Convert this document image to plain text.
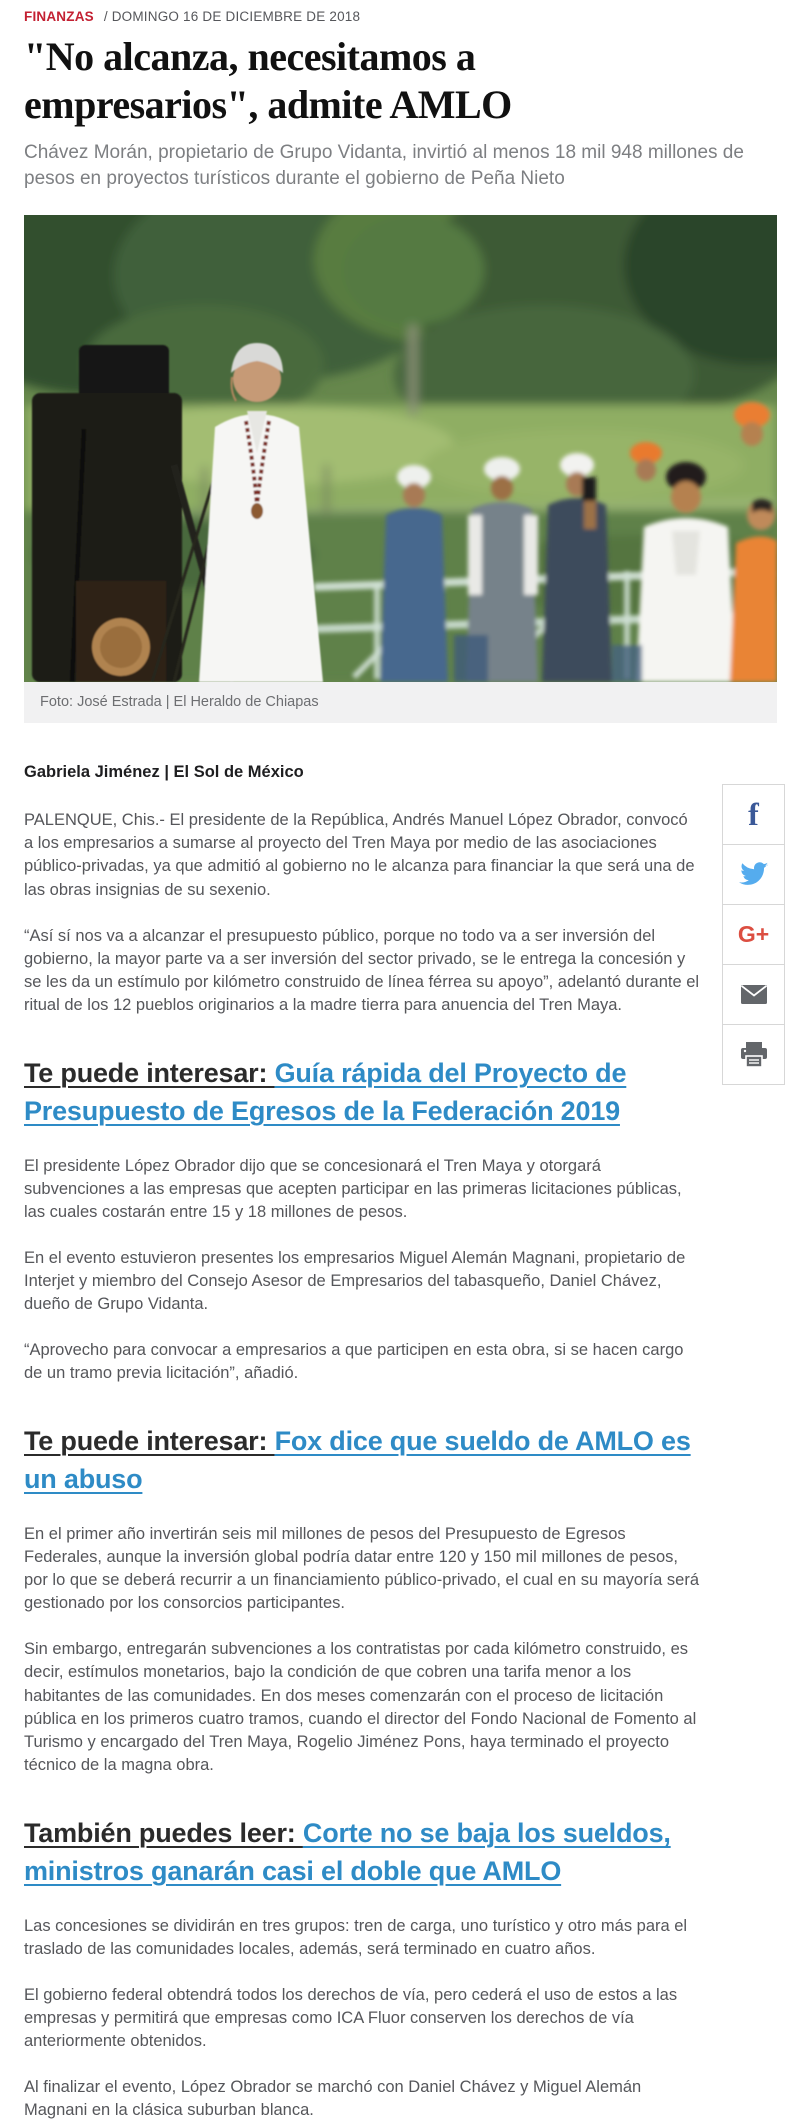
FINANZAS / DOMINGO 16 DE DICIEMBRE DE 2018
"No alcanza, necesitamos a empresarios", admite AMLO

Chávez Morán, propietario de Grupo Vidanta, invirtió al menos 18 mil 948 millones de pesos en proyectos turísticos durante el gobierno de Peña Nieto

Foto: José Estrada | El Heraldo de Chiapas

Gabriela Jiménez | El Sol de México

PALENQUE, Chis.- El presidente de la República, Andrés Manuel López Obrador, convocó a los empresarios a sumarse al proyecto del Tren Maya por medio de las asociaciones público-privadas, ya que admitió al gobierno no le alcanza para financiar la que será una de las obras insignias de su sexenio.

“Así sí nos va a alcanzar el presupuesto público, porque no todo va a ser inversión del gobierno, la mayor parte va a ser inversión del sector privado, se le entrega la concesión y se les da un estímulo por kilómetro construido de línea férrea su apoyo”, adelantó durante el ritual de los 12 pueblos originarios a la madre tierra para anuencia del Tren Maya.

Te puede interesar: Guía rápida del Proyecto de Presupuesto de Egresos de la Federación 2019

El presidente López Obrador dijo que se concesionará el Tren Maya y otorgará subvenciones a las empresas que acepten participar en las primeras licitaciones públicas, las cuales costarán entre 15 y 18 millones de pesos.

En el evento estuvieron presentes los empresarios Miguel Alemán Magnani, propietario de Interjet y miembro del Consejo Asesor de Empresarios del tabasqueño, Daniel Chávez, dueño de Grupo Vidanta.

“Aprovecho para convocar a empresarios a que participen en esta obra, si se hacen cargo de un tramo previa licitación”, añadió.

Te puede interesar: Fox dice que sueldo de AMLO es un abuso

En el primer año invertirán seis mil millones de pesos del Presupuesto de Egresos Federales, aunque la inversión global podría datar entre 120 y 150 mil millones de pesos, por lo que se deberá recurrir a un financiamiento público-privado, el cual en su mayoría será gestionado por los consorcios participantes.

Sin embargo, entregarán subvenciones a los contratistas por cada kilómetro construido, es decir, estímulos monetarios, bajo la condición de que cobren una tarifa menor a los habitantes de las comunidades. En dos meses comenzarán con el proceso de licitación pública en los primeros cuatro tramos, cuando el director del Fondo Nacional de Fomento al Turismo y encargado del Tren Maya, Rogelio Jiménez Pons, haya terminado el proyecto técnico de la magna obra.

También puedes leer: Corte no se baja los sueldos, ministros ganarán casi el doble que AMLO

Las concesiones se dividirán en tres grupos: tren de carga, uno turístico y otro más para el traslado de las comunidades locales, además, será terminado en cuatro años.

El gobierno federal obtendrá todos los derechos de vía, pero cederá el uso de estos a las empresas y permitirá que empresas como ICA Fluor conserven los derechos de vía anteriormente obtenidos.

Al finalizar el evento, López Obrador se marchó con Daniel Chávez y Miguel Alemán Magnani en la clásica suburban blanca.

f
G+
